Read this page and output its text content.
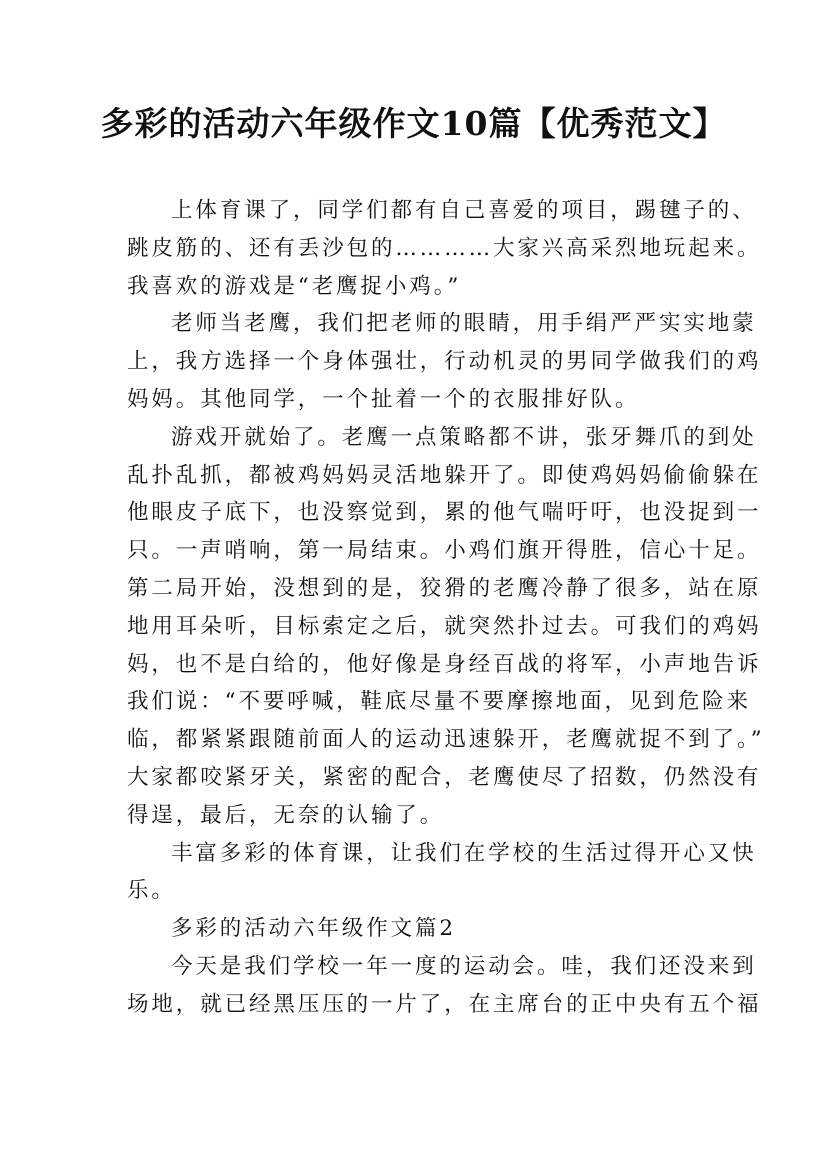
多彩的活动六年级作文10篇【优秀范文】

上体育课了，同学们都有自己喜爱的项目，踢毽子的、
跳皮筋的、还有丢沙包的…………大家兴高采烈地玩起来。
我喜欢的游戏是“老鹰捉小鸡。”

老师当老鹰，我们把老师的眼睛，用手绢严严实实地蒙
上，我方选择一个身体强壮，行动机灵的男同学做我们的鸡
妈妈。其他同学，一个扯着一个的衣服排好队。

游戏开就始了。老鹰一点策略都不讲，张牙舞爪的到处
乱扑乱抓，都被鸡妈妈灵活地躲开了。即使鸡妈妈偷偷躲在
他眼皮子底下，也没察觉到，累的他气喘吁吁，也没捉到一
只。一声哨响，第一局结束。小鸡们旗开得胜，信心十足。
第二局开始，没想到的是，狡猾的老鹰冷静了很多，站在原
地用耳朵听，目标索定之后，就突然扑过去。可我们的鸡妈
妈，也不是白给的，他好像是身经百战的将军，小声地告诉
我们说：“不要呼喊，鞋底尽量不要摩擦地面，见到危险来
临，都紧紧跟随前面人的运动迅速躲开，老鹰就捉不到了。”
大家都咬紧牙关，紧密的配合，老鹰使尽了招数，仍然没有
得逞，最后，无奈的认输了。

丰富多彩的体育课，让我们在学校的生活过得开心又快
乐。

多彩的活动六年级作文篇2

今天是我们学校一年一度的运动会。哇，我们还没来到
场地，就已经黑压压的一片了，在主席台的正中央有五个福
